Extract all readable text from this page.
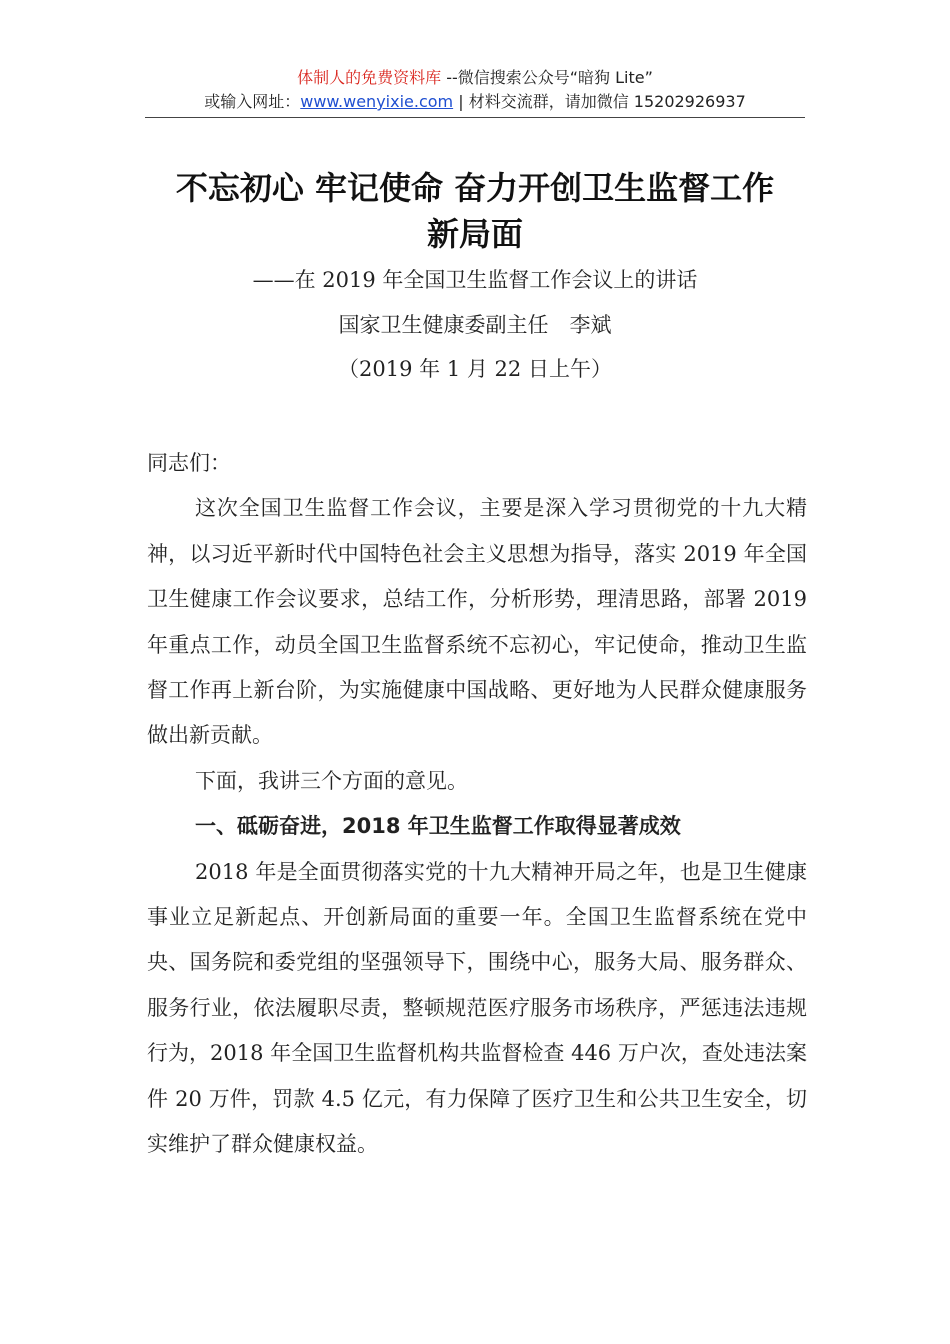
体制人的免费资料库 --微信搜索公众号“暗狗 Lite”
或输入网址：www.wenyixie.com | 材料交流群，请加微信 15202926937
不忘初心 牢记使命 奋力开创卫生监督工作
新局面
——在 2019 年全国卫生监督工作会议上的讲话
国家卫生健康委副主任　李斌
（2019 年 1 月 22 日上午）

同志们：

这次全国卫生监督工作会议，主要是深入学习贯彻党的十九大精神，以习近平新时代中国特色社会主义思想为指导，落实 2019 年全国卫生健康工作会议要求，总结工作，分析形势，理清思路，部署 2019 年重点工作，动员全国卫生监督系统不忘初心，牢记使命，推动卫生监督工作再上新台阶，为实施健康中国战略、更好地为人民群众健康服务做出新贡献。

下面，我讲三个方面的意见。

一、砥砺奋进，2018 年卫生监督工作取得显著成效

2018 年是全面贯彻落实党的十九大精神开局之年，也是卫生健康事业立足新起点、开创新局面的重要一年。全国卫生监督系统在党中央、国务院和委党组的坚强领导下，围绕中心，服务大局、服务群众、服务行业，依法履职尽责，整顿规范医疗服务市场秩序，严惩违法违规行为，2018 年全国卫生监督机构共监督检查 446 万户次，查处违法案件 20 万件，罚款 4.5 亿元，有力保障了医疗卫生和公共卫生安全，切实维护了群众健康权益。
